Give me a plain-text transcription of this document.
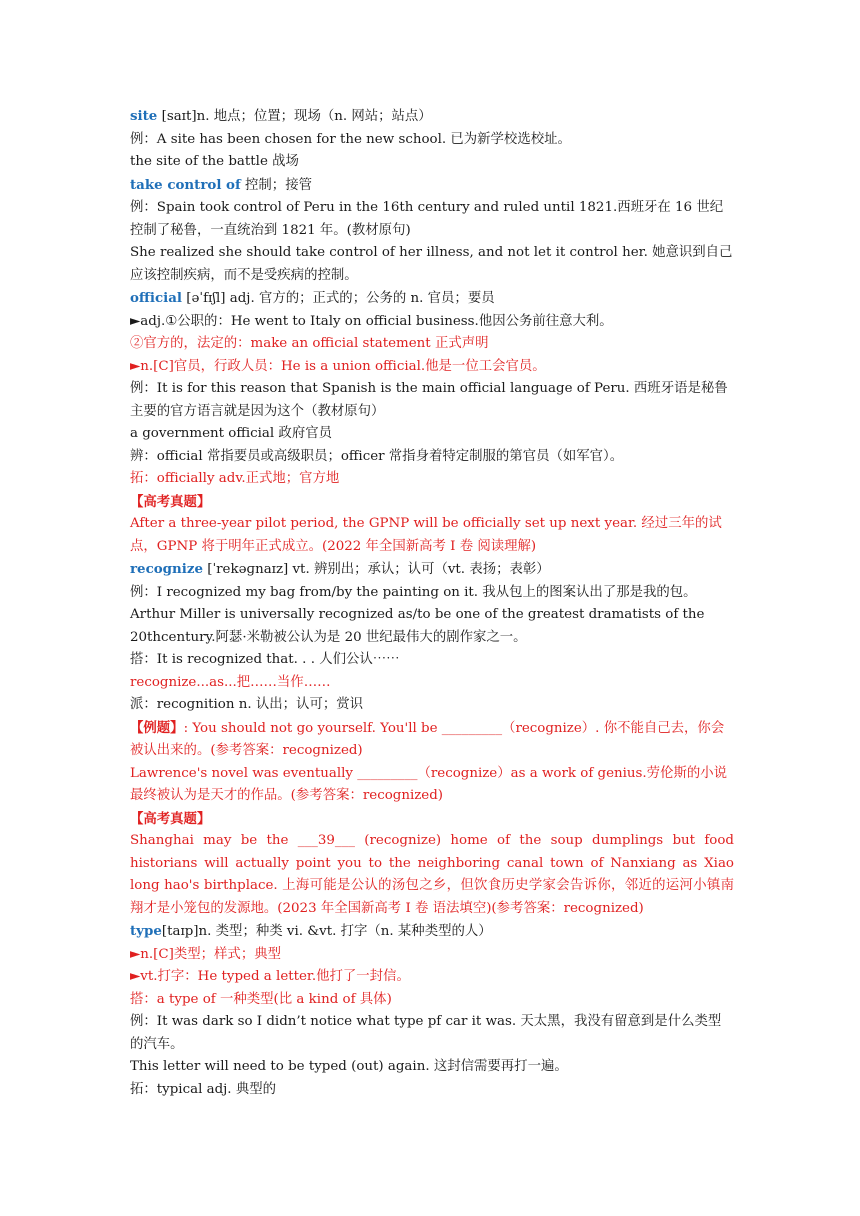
site [saɪt]n. 地点；位置；现场（n. 网站；站点）
例：A site has been chosen for the new school. 已为新学校选校址。
the site of the battle 战场
take control of 控制；接管
例：Spain took control of Peru in the 16th century and ruled until 1821.西班牙在 16 世纪控制了秘鲁，一直统治到 1821 年。(教材原句)
She realized she should take control of her illness, and not let it control her. 她意识到自己应该控制疾病，而不是受疾病的控制。
official [əˈfɪʃl] adj. 官方的；正式的；公务的 n. 官员；要员
►adj.①公职的：He went to Italy on official business.他因公务前往意大利。
②官方的，法定的：make an official statement 正式声明
►n.[C]官员，行政人员：He is a union official.他是一位工会官员。
例：It is for this reason that Spanish is the main official language of Peru. 西班牙语是秘鲁主要的官方语言就是因为这个（教材原句）
a government official 政府官员
辨：official 常指要员或高级职员；officer 常指身着特定制服的第官员（如军官）。
拓：officially adv.正式地；官方地
【高考真题】
After a three-year pilot period, the GPNP will be officially set up next year. 经过三年的试点，GPNP 将于明年正式成立。(2022 年全国新高考 I 卷 阅读理解)
recognize [ˈrekəɡnaɪz] vt. 辨别出；承认；认可（vt. 表扬；表彰）
例：I recognized my bag from/by the painting on it. 我从包上的图案认出了那是我的包。
Arthur Miller is universally recognized as/to be one of the greatest dramatists of the 20thcentury.阿瑟·米勒被公认为是 20 世纪最伟大的剧作家之一。
搭：It is recognized that. . . 人们公认⋯⋯
recognize...as...把……当作……
派：recognition n. 认出；认可；赏识
【例题】: You should not go yourself. You'll be _________（recognize）. 你不能自己去，你会被认出来的。(参考答案：recognized)
Lawrence's novel was eventually _________（recognize）as a work of genius.劳伦斯的小说最终被认为是天才的作品。(参考答案：recognized)
【高考真题】
Shanghai may be the ___39___ (recognize) home of the soup dumplings but food historians will actually point you to the neighboring canal town of Nanxiang as Xiao long hao's birthplace. 上海可能是公认的汤包之乡，但饮食历史学家会告诉你，邻近的运河小镇南翔才是小笼包的发源地。(2023 年全国新高考 I 卷 语法填空)(参考答案：recognized)
type[taɪp]n. 类型；种类 vi. &vt. 打字（n. 某种类型的人）
►n.[C]类型；样式；典型
►vt.打字：He typed a letter.他打了一封信。
搭：a type of 一种类型(比 a kind of 具体)
例：It was dark so I didn’t notice what type pf car it was. 天太黑，我没有留意到是什么类型的汽车。
This letter will need to be typed (out) again. 这封信需要再打一遍。
拓：typical adj. 典型的
